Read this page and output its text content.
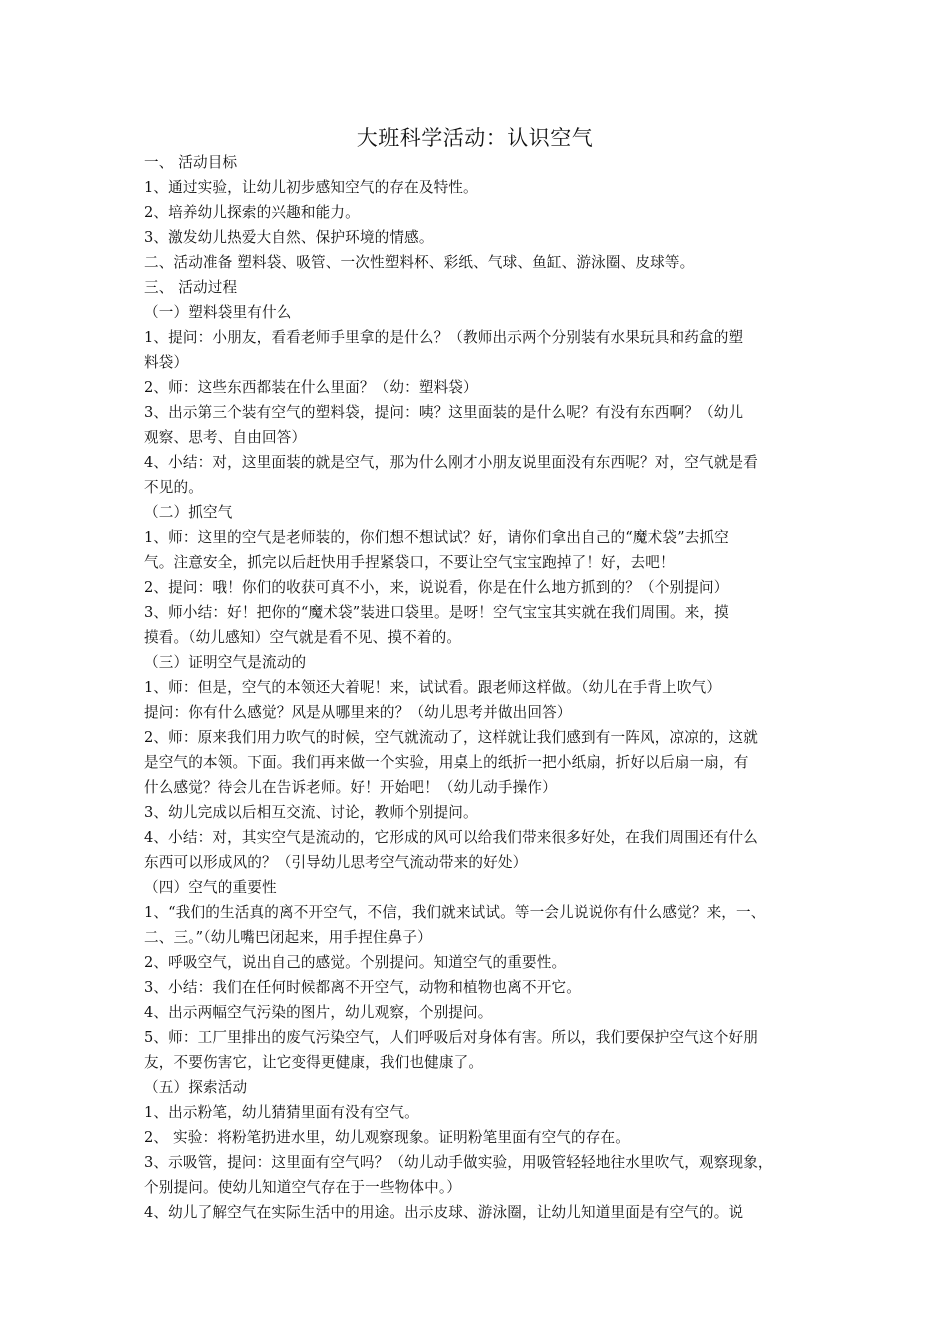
大班科学活动：认识空气
一、 活动目标
1、通过实验，让幼儿初步感知空气的存在及特性。
2、培养幼儿探索的兴趣和能力。
3、激发幼儿热爱大自然、保护环境的情感。
二、活动准备 塑料袋、吸管、一次性塑料杯、彩纸、气球、鱼缸、游泳圈、皮球等。
三、 活动过程
（一）塑料袋里有什么
1、提问：小朋友，看看老师手里拿的是什么？（教师出示两个分别装有水果玩具和药盒的塑
料袋）
2、师：这些东西都装在什么里面？（幼：塑料袋）
3、出示第三个装有空气的塑料袋，提问：咦？这里面装的是什么呢？有没有东西啊？（幼儿
观察、思考、自由回答）
4、小结：对，这里面装的就是空气，那为什么刚才小朋友说里面没有东西呢？对，空气就是看
不见的。
（二）抓空气
1、师：这里的空气是老师装的，你们想不想试试？好，请你们拿出自己的“魔术袋”去抓空
气。注意安全，抓完以后赶快用手捏紧袋口，不要让空气宝宝跑掉了！好，去吧！
2、提问：哦！你们的收获可真不小，来，说说看，你是在什么地方抓到的？（个别提问）
3、师小结：好！把你的“魔术袋”装进口袋里。是呀！空气宝宝其实就在我们周围。来，摸
摸看。（幼儿感知）空气就是看不见、摸不着的。
（三）证明空气是流动的
1、师：但是，空气的本领还大着呢！来，试试看。跟老师这样做。（幼儿在手背上吹气）
提问：你有什么感觉？风是从哪里来的？（幼儿思考并做出回答）
2、师：原来我们用力吹气的时候，空气就流动了，这样就让我们感到有一阵风，凉凉的，这就
是空气的本领。下面。我们再来做一个实验，用桌上的纸折一把小纸扇，折好以后扇一扇，有
什么感觉？待会儿在告诉老师。好！开始吧！（幼儿动手操作）
3、幼儿完成以后相互交流、讨论，教师个别提问。
4、小结：对，其实空气是流动的，它形成的风可以给我们带来很多好处，在我们周围还有什么
东西可以形成风的？（引导幼儿思考空气流动带来的好处）
（四）空气的重要性
1、“我们的生活真的离不开空气，不信，我们就来试试。等一会儿说说你有什么感觉？来，一、
二、三。”（幼儿嘴巴闭起来，用手捏住鼻子）
2、呼吸空气，说出自己的感觉。个别提问。知道空气的重要性。
3、小结：我们在任何时候都离不开空气，动物和植物也离不开它。
4、出示两幅空气污染的图片，幼儿观察，个别提问。
5、师：工厂里排出的废气污染空气，人们呼吸后对身体有害。所以，我们要保护空气这个好朋
友，不要伤害它，让它变得更健康，我们也健康了。
（五）探索活动
1、出示粉笔，幼儿猜猜里面有没有空气。
2、 实验：将粉笔扔进水里，幼儿观察现象。证明粉笔里面有空气的存在。
3、示吸管，提问：这里面有空气吗？（幼儿动手做实验，用吸管轻轻地往水里吹气，观察现象，
个别提问。使幼儿知道空气存在于一些物体中。）
4、幼儿了解空气在实际生活中的用途。出示皮球、游泳圈，让幼儿知道里面是有空气的。说
